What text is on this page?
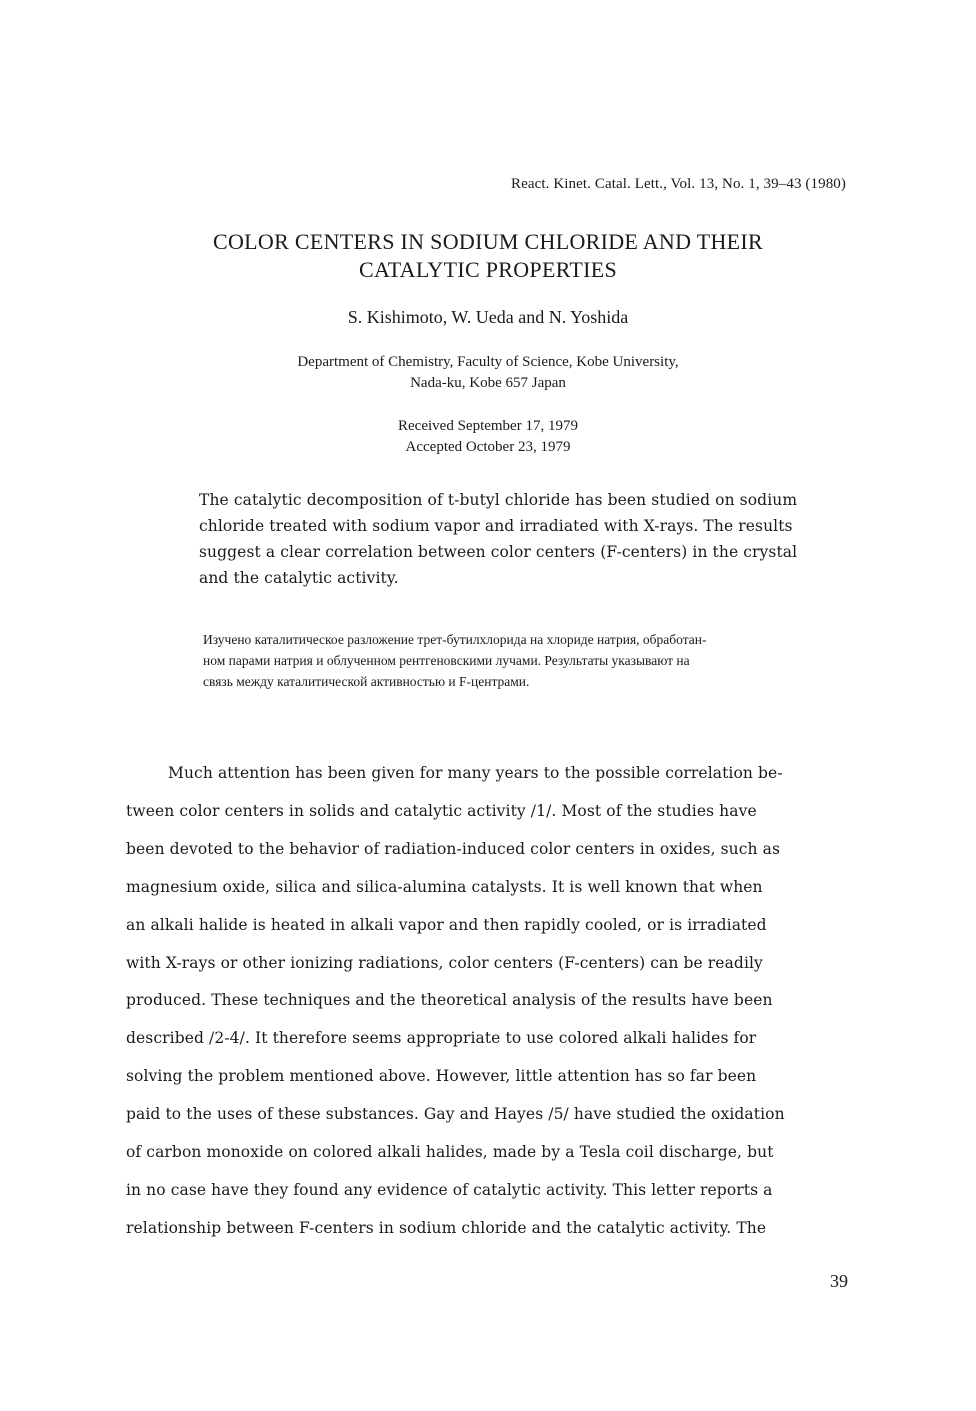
React. Kinet. Catal. Lett., Vol. 13, No. 1, 39–43 (1980)
COLOR CENTERS IN SODIUM CHLORIDE AND THEIR
CATALYTIC PROPERTIES
S. Kishimoto, W. Ueda and N. Yoshida
Department of Chemistry, Faculty of Science, Kobe University,
Nada-ku, Kobe 657 Japan
Received September 17, 1979
Accepted October 23, 1979
The catalytic decomposition of t-butyl chloride has been studied on sodium
chloride treated with sodium vapor and irradiated with X-rays. The results
suggest a clear correlation between color centers (F-centers) in the crystal
and the catalytic activity.
Изучено каталитическое разложение трет-бутилхлорида на хлориде натрия, обработан-
ном парами натрия и облученном рентгеновскими лучами. Результаты указывают на
связь между каталитической активностью и F-центрами.
Much attention has been given for many years to the possible correlation be-
tween color centers in solids and catalytic activity /1/. Most of the studies have
been devoted to the behavior of radiation-induced color centers in oxides, such as
magnesium oxide, silica and silica-alumina catalysts. It is well known that when
an alkali halide is heated in alkali vapor and then rapidly cooled, or is irradiated
with X-rays or other ionizing radiations, color centers (F-centers) can be readily
produced. These techniques and the theoretical analysis of the results have been
described /2-4/. It therefore seems appropriate to use colored alkali halides for
solving the problem mentioned above. However, little attention has so far been
paid to the uses of these substances. Gay and Hayes /5/ have studied the oxidation
of carbon monoxide on colored alkali halides, made by a Tesla coil discharge, but
in no case have they found any evidence of catalytic activity. This letter reports a
relationship between F-centers in sodium chloride and the catalytic activity. The
39
